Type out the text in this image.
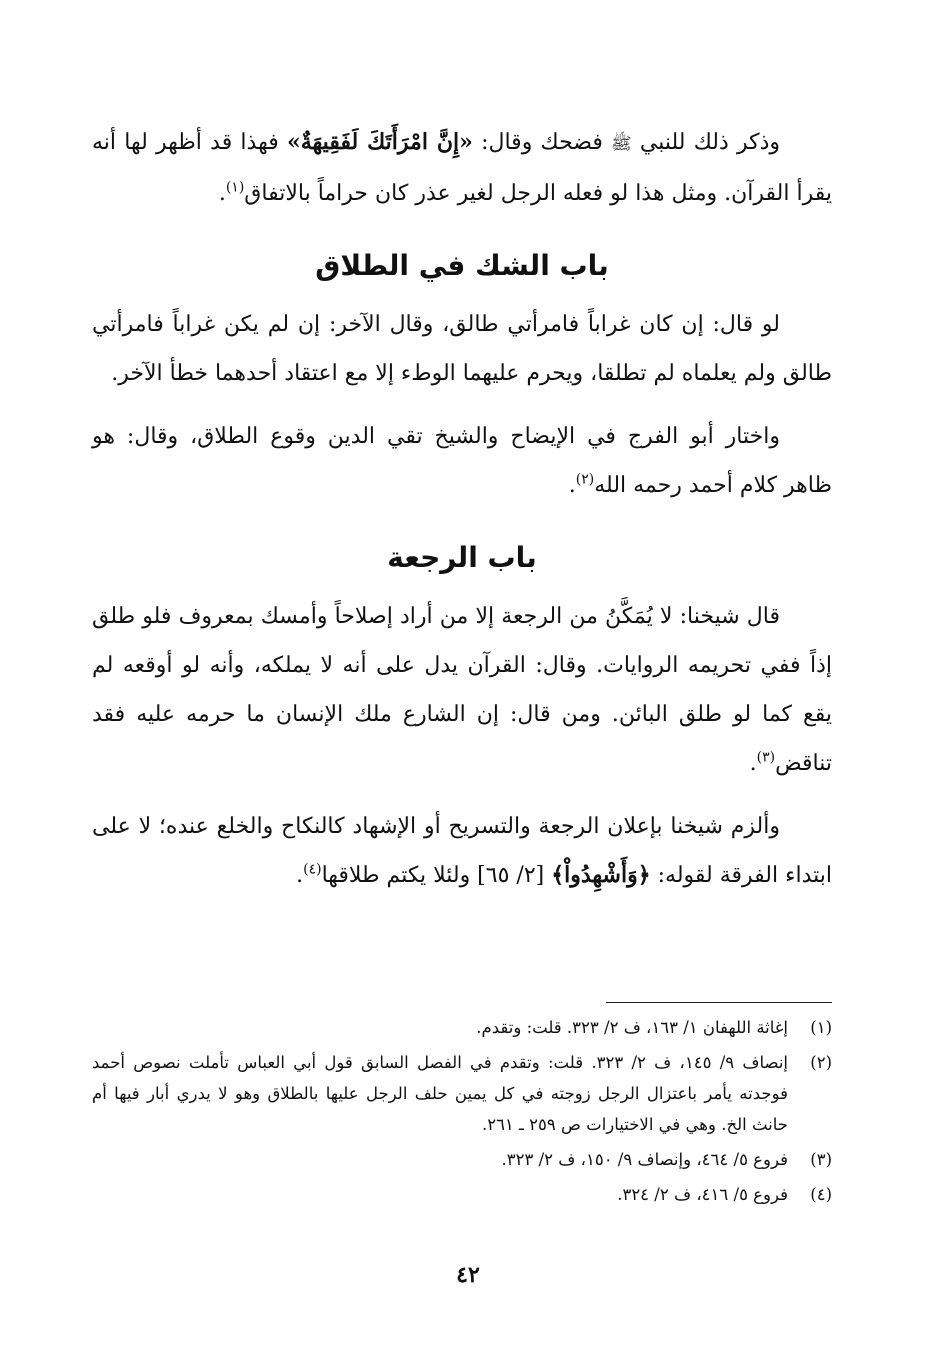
وذكر ذلك للنبي ﷺ فضحك وقال: «إِنَّ امْرَأَتَكَ لَفَقِيهَةٌ» فهذا قد أظهر لها أنه يقرأ القرآن. ومثل هذا لو فعله الرجل لغير عذر كان حراماً بالاتفاق$^{(١)}$.

باب الشك في الطلاق

لو قال: إن كان غراباً فامرأتي طالق، وقال الآخر: إن لم يكن غراباً فامرأتي طالق ولم يعلماه لم تطلقا، ويحرم عليهما الوطء إلا مع اعتقاد أحدهما خطأ الآخر.

واختار أبو الفرج في الإيضاح والشيخ تقي الدين وقوع الطلاق، وقال: هو ظاهر كلام أحمد رحمه الله$^{(٢)}$.

باب الرجعة

قال شيخنا: لا يُمَكَّنُ من الرجعة إلا من أراد إصلاحاً وأمسك بمعروف فلو طلق إذاً ففي تحريمه الروايات. وقال: القرآن يدل على أنه لا يملكه، وأنه لو أوقعه لم يقع كما لو طلق البائن. ومن قال: إن الشارع ملك الإنسان ما حرمه عليه فقد تناقض$^{(٣)}$.

وألزم شيخنا بإعلان الرجعة والتسريح أو الإشهاد كالنكاح والخلع عنده؛ لا على ابتداء الفرقة لقوله: ﴿وَأَشْهِدُواْ﴾ [٢/ ٦٥] ولئلا يكتم طلاقها$^{(٤)}$.

(١)
إغاثة اللهفان ١/ ١٦٣، ف ٢/ ٣٢٣. قلت: وتقدم.
(٢)
إنصاف ٩/ ١٤٥، ف ٢/ ٣٢٣. قلت: وتقدم في الفصل السابق قول أبي العباس تأملت نصوص أحمد فوجدته يأمر باعتزال الرجل زوجته في كل يمين حلف الرجل عليها بالطلاق وهو لا يدري أبار فيها أم حانث الخ. وهي في الاختيارات ص ٢٥٩ ـ ٢٦١.
(٣)
فروع ٥/ ٤٦٤، وإنصاف ٩/ ١٥٠، ف ٢/ ٣٢٣.
(٤)
فروع ٥/ ٤١٦، ف ٢/ ٣٢٤.
٤٢
